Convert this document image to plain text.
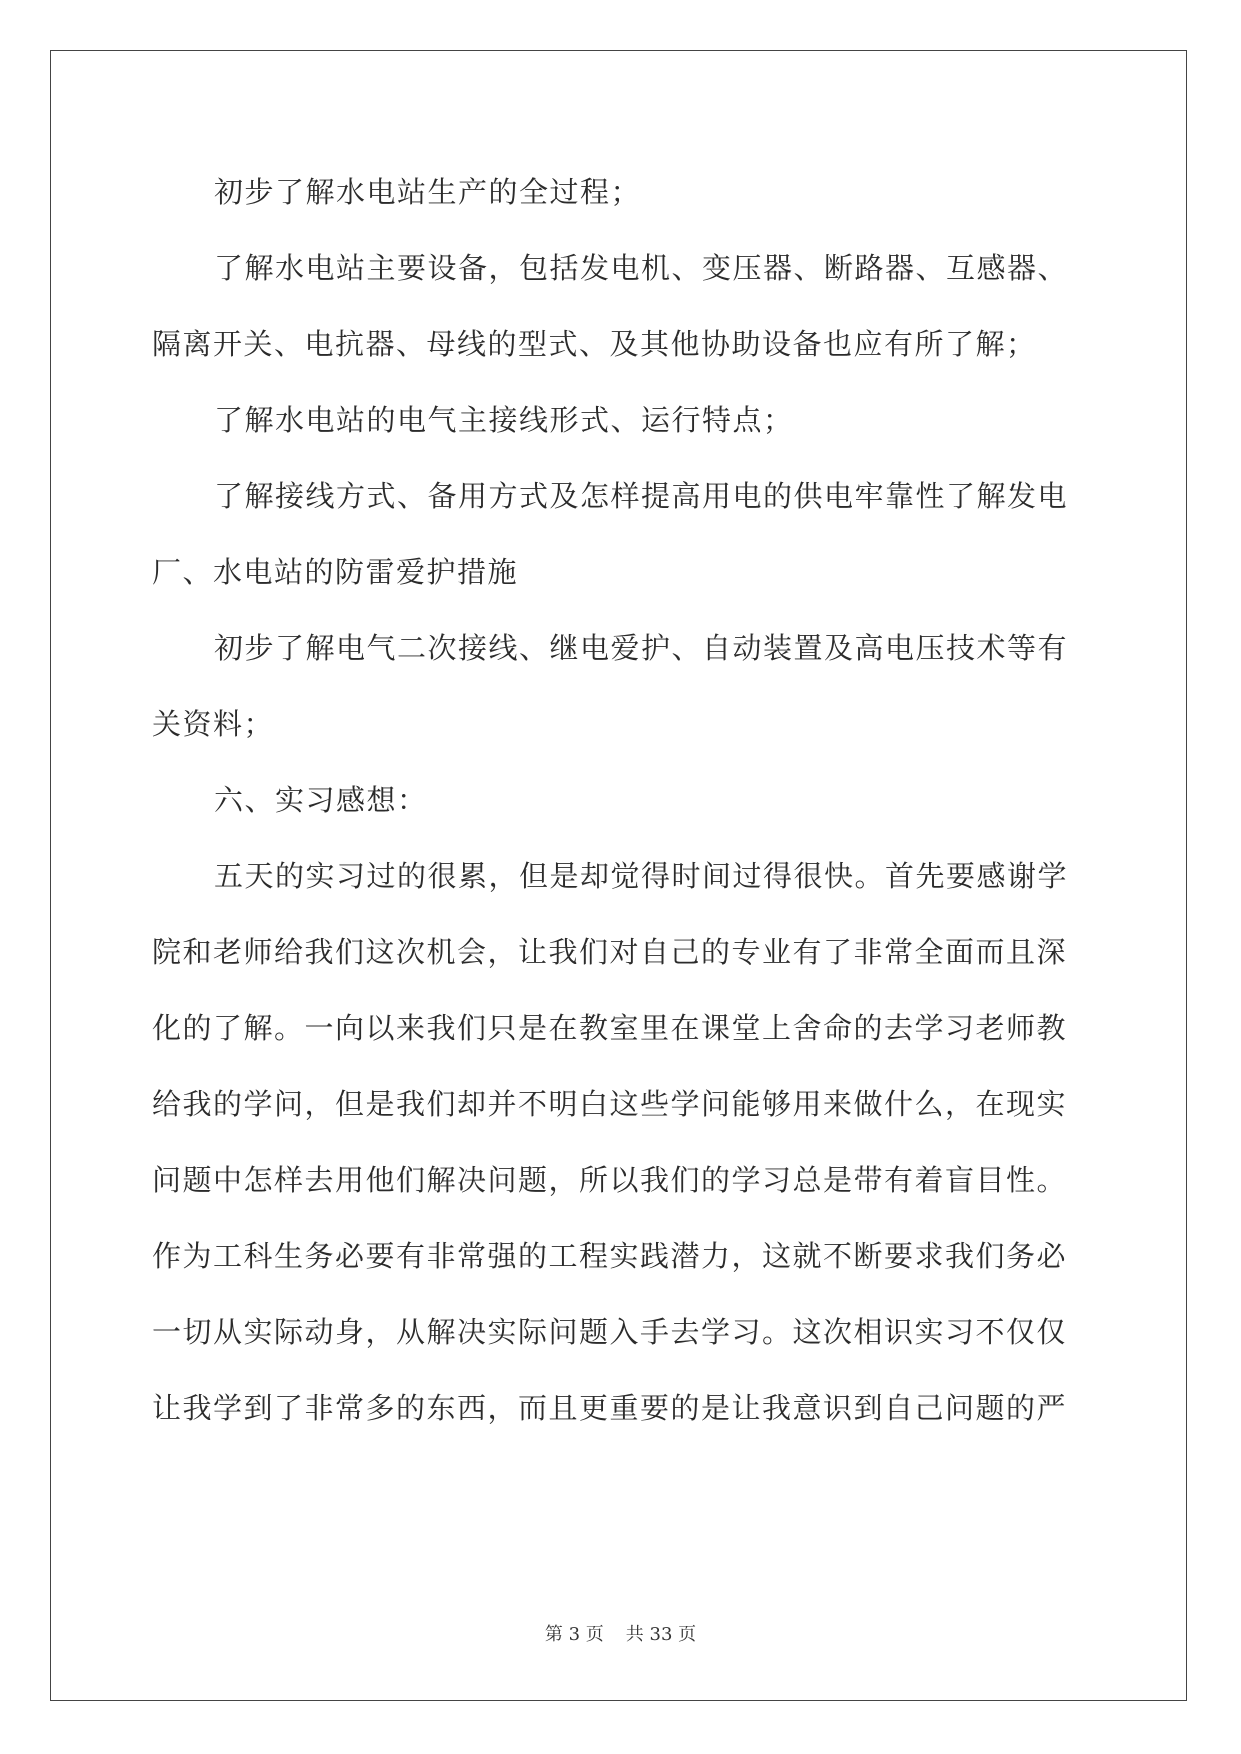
初步了解水电站生产的全过程；
了解水电站主要设备，包括发电机、变压器、断路器、互感器、
隔离开关、电抗器、母线的型式、及其他协助设备也应有所了解；
了解水电站的电气主接线形式、运行特点；
了解接线方式、备用方式及怎样提高用电的供电牢靠性了解发电
厂、水电站的防雷爱护措施
初步了解电气二次接线、继电爱护、自动装置及高电压技术等有
关资料；
六、实习感想：
五天的实习过的很累，但是却觉得时间过得很快。首先要感谢学
院和老师给我们这次机会，让我们对自己的专业有了非常全面而且深
化的了解。一向以来我们只是在教室里在课堂上舍命的去学习老师教
给我的学问，但是我们却并不明白这些学问能够用来做什么，在现实
问题中怎样去用他们解决问题，所以我们的学习总是带有着盲目性。
作为工科生务必要有非常强的工程实践潜力，这就不断要求我们务必
一切从实际动身，从解决实际问题入手去学习。这次相识实习不仅仅
让我学到了非常多的东西，而且更重要的是让我意识到自己问题的严
第 3 页 共 33 页
